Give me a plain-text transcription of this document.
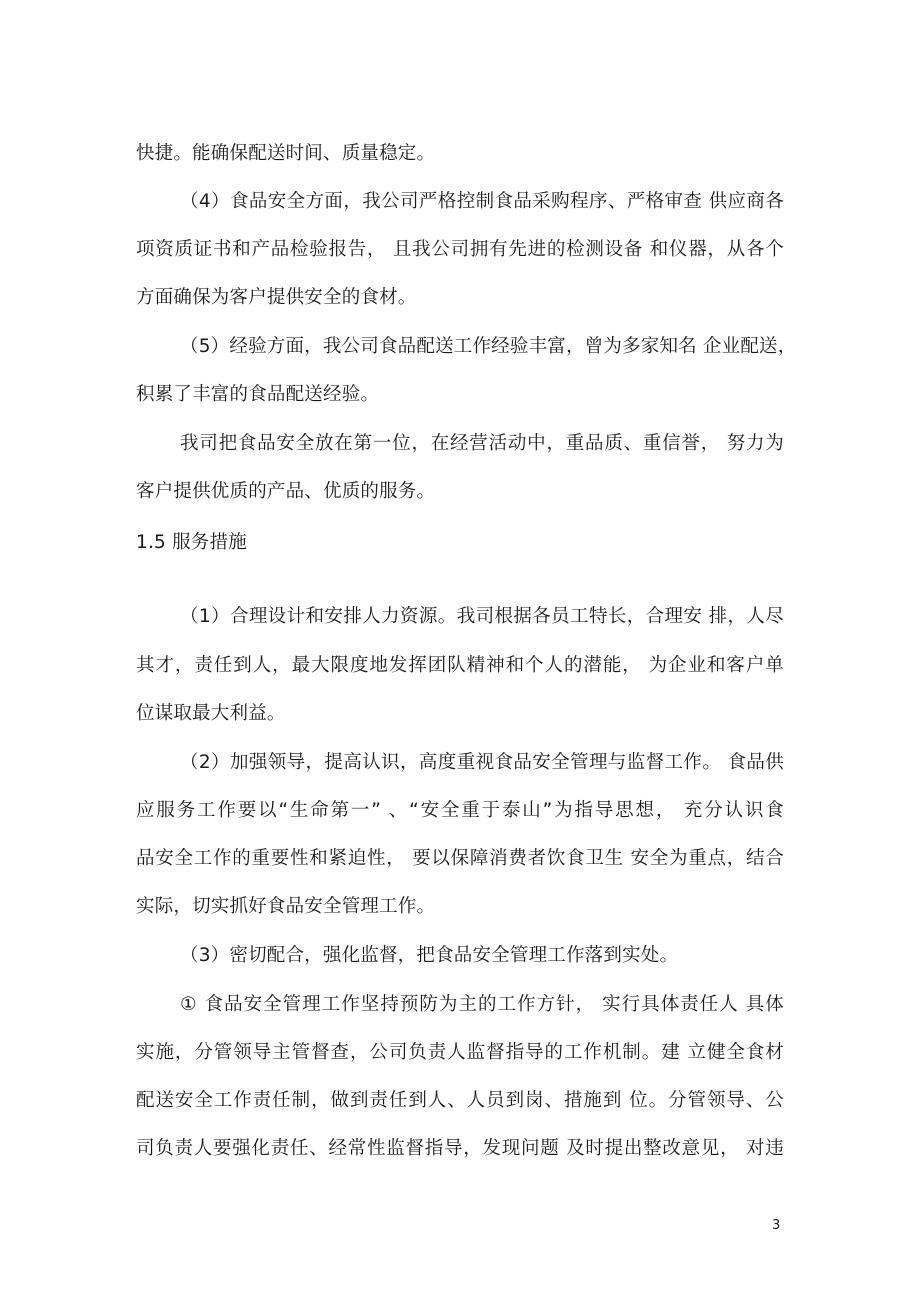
快捷。能确保配送时间、质量稳定。
（4）食品安全方面，我公司严格控制食品采购程序、严格审查 供应商各
项资质证书和产品检验报告， 且我公司拥有先进的检测设备 和仪器，从各个
方面确保为客户提供安全的食材。
（5）经验方面，我公司食品配送工作经验丰富，曾为多家知名 企业配送，
积累了丰富的食品配送经验。
我司把食品安全放在第一位，在经营活动中，重品质、重信誉， 努力为
客户提供优质的产品、优质的服务。
1.5 服务措施
（1）合理设计和安排人力资源。我司根据各员工特长，合理安 排，人尽
其才，责任到人，最大限度地发挥团队精神和个人的潜能， 为企业和客户单
位谋取最大利益。
（2）加强领导，提高认识，高度重视食品安全管理与监督工作。 食品供
应服务工作要以“生命第一” 、“安全重于泰山”为指导思想， 充分认识食
品安全工作的重要性和紧迫性， 要以保障消费者饮食卫生 安全为重点，结合
实际，切实抓好食品安全管理工作。
（3）密切配合，强化监督，把食品安全管理工作落到实处。
① 食品安全管理工作坚持预防为主的工作方针， 实行具体责任人 具体
实施，分管领导主管督查，公司负责人监督指导的工作机制。建 立健全食材
配送安全工作责任制，做到责任到人、人员到岗、措施到 位。分管领导、公
司负责人要强化责任、经常性监督指导，发现问题 及时提出整改意见， 对违
3
